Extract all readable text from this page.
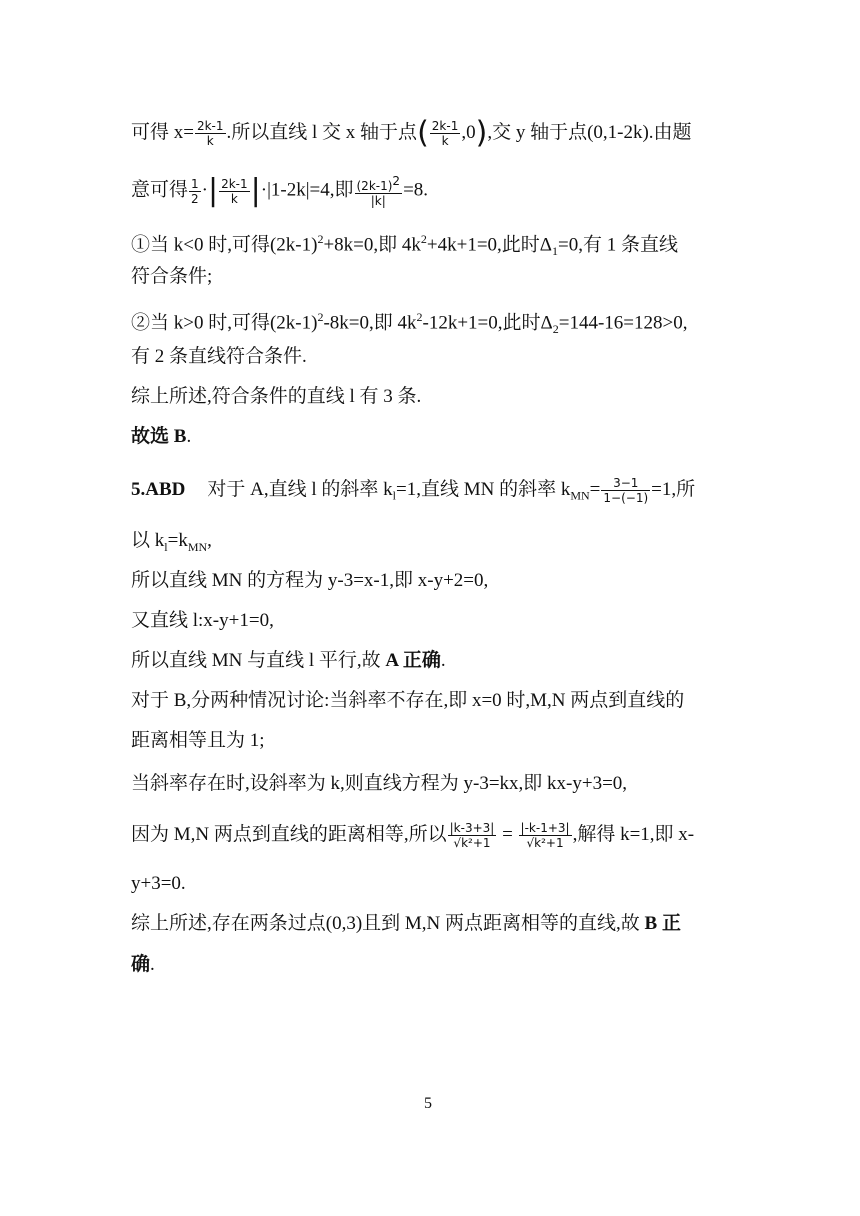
可得 $x= \frac{2k-1}{k}$ .所以直线 l 交 x 轴于点( $\frac{2k-1}{k} ,0$),交 y 轴于点(0,1-2k).由题
意可得 $\frac{1}{2}$ ·| $\frac{2k-1}{k} |\cdot|1-2k|=4$,即 $\frac{(2k-1)^2}{|k|} =8$.
①当 k<0 时,可得$(2k-1)^2+8k=0$,即 $4k^2+4k+1=0$,此时$\Delta_1=0$,有 1 条直线
符合条件;
②当 k>0 时,可得$(2k-1)^2-8k=0$,即 $4k^2-12k+1=0$,此时$\Delta_2=144-16=128>0$,
有 2 条直线符合条件.
综上所述,符合条件的直线 l 有 3 条.
故选 B.
5.ABD 对于 A,直线 l 的斜率 $k_l=1$,直线 MN 的斜率 $k_{MN}= \frac{3-1}{1-(-1)} =1$,所
以 $k_l=k_{MN}$,
所以直线 MN 的方程为 y-3=x-1,即 x-y+2=0,
又直线 l:x-y+1=0,
所以直线 MN 与直线 l 平行,故 A 正确.
对于 B,分两种情况讨论:当斜率不存在,即 x=0 时,M,N 两点到直线的
距离相等且为 1;
当斜率存在时,设斜率为 k,则直线方程为 y-3=kx,即 kx-y+3=0,
因为 M,N 两点到直线的距离相等,所以 $\frac{|k-3+3|}{\text{√k²+1}} = \frac{|-k-1+3|}{\text{√k²+1}}$ ,解得 k=1,即 x-
y+3=0.
综上所述,存在两条过点(0,3)且到 M,N 两点距离相等的直线,故 B 正
确.
5
